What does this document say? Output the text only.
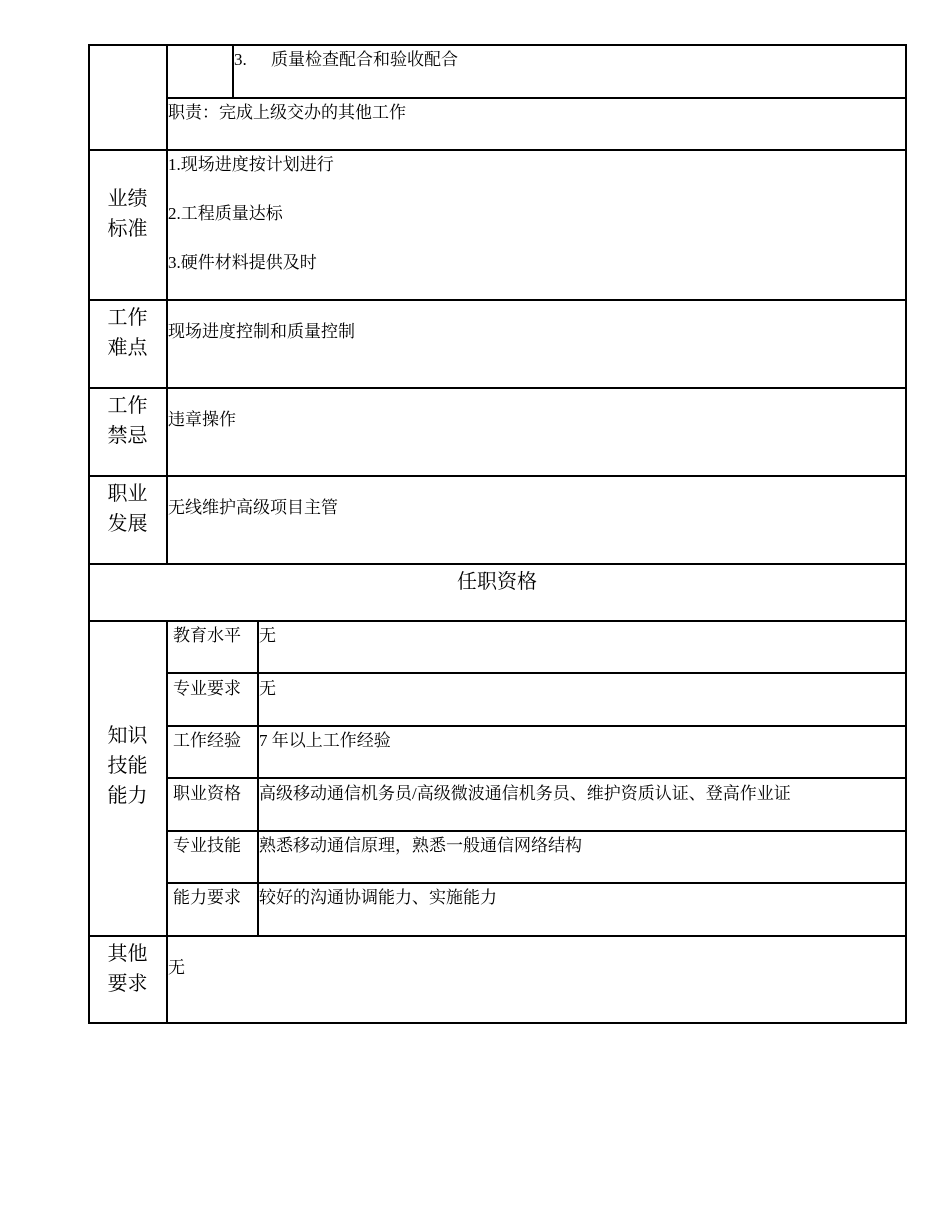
3. 质量检查配合和验收配合
职责：完成上级交办的其他工作
业绩
标准
1.现场进度按计划进行
2.工程质量达标
3.硬件材料提供及时
工作
难点
现场进度控制和质量控制
工作
禁忌
违章操作
职业
发展
无线维护高级项目主管
任职资格
知识
技能
能力
教育水平 无
专业要求 无
工作经验 7 年以上工作经验
职业资格 高级移动通信机务员/高级微波通信机务员、维护资质认证、登高作业证
专业技能 熟悉移动通信原理，熟悉一般通信网络结构
能力要求 较好的沟通协调能力、实施能力
其他
要求
无
